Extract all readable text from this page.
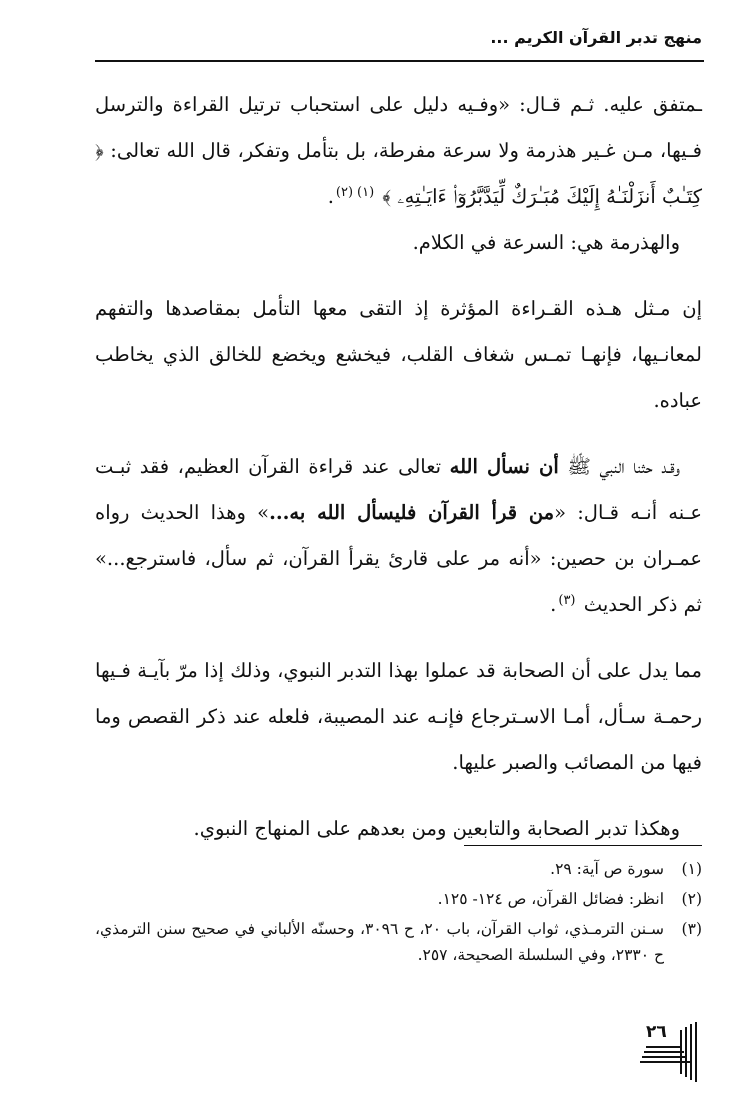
منهج تدبر القرآن الكريم ...

ـمتفق عليه. ثـم قـال: «وفـيه دليل على استحباب ترتيل القراءة والترسل فـيها، مـن غـير هذرمة ولا سرعة مفرطة، بل بتأمل وتفكر، قال الله تعالى: ﴿ كِتَـٰبٌ أَنزَلْنَـٰهُ إِلَيْكَ مُبَـٰرَكٌ لِّيَدَّبَّرُوٓا۟ ءَايَـٰتِهِۦ ﴾ $^{(١)(٢)}$.

والهذرمة هي: السرعة في الكلام.

إن مـثل هـذه القـراءة المؤثرة إذ التقى معها التأمل بمقاصدها والتفهم لمعانـيها، فإنهـا تمـس شغاف القلب، فيخشع ويخضع للخالق الذي يخاطب عباده.

وقـد حثنا النبي ﷺ أن نسأل الله تعالى عند قراءة القرآن العظيم، فقد ثبـت عـنه أنـه قـال: «من قرأ القرآن فليسأل الله به...» وهذا الحديث رواه عمـران بن حصين: «أنه مر على قارئ يقرأ القرآن، ثم سأل، فاسترجع...» ثم ذكر الحديث $^{(٣)}$.

مما يدل على أن الصحابة قد عملوا بهذا التدبر النبوي، وذلك إذا مرّ بآيـة فـيها رحمـة سـأل، أمـا الاسـترجاع فإنـه عند المصيبة، فلعله عند ذكر القصص وما فيها من المصائب والصبر عليها.

وهكذا تدبر الصحابة والتابعين ومن بعدهم على المنهاج النبوي.

(١)
سورة ص آية: ٢٩.
(٢)
انظر: فضائل القرآن، ص ١٢٤- ١٢٥.
(٣)
سـنن الترمـذي، ثواب القرآن، باب ٢٠، ح ٣٠٩٦، وحسنّه الألباني في صحيح سنن الترمذي، ح ٢٣٣٠، وفي السلسلة الصحيحة، ٢٥٧.
٢٦
